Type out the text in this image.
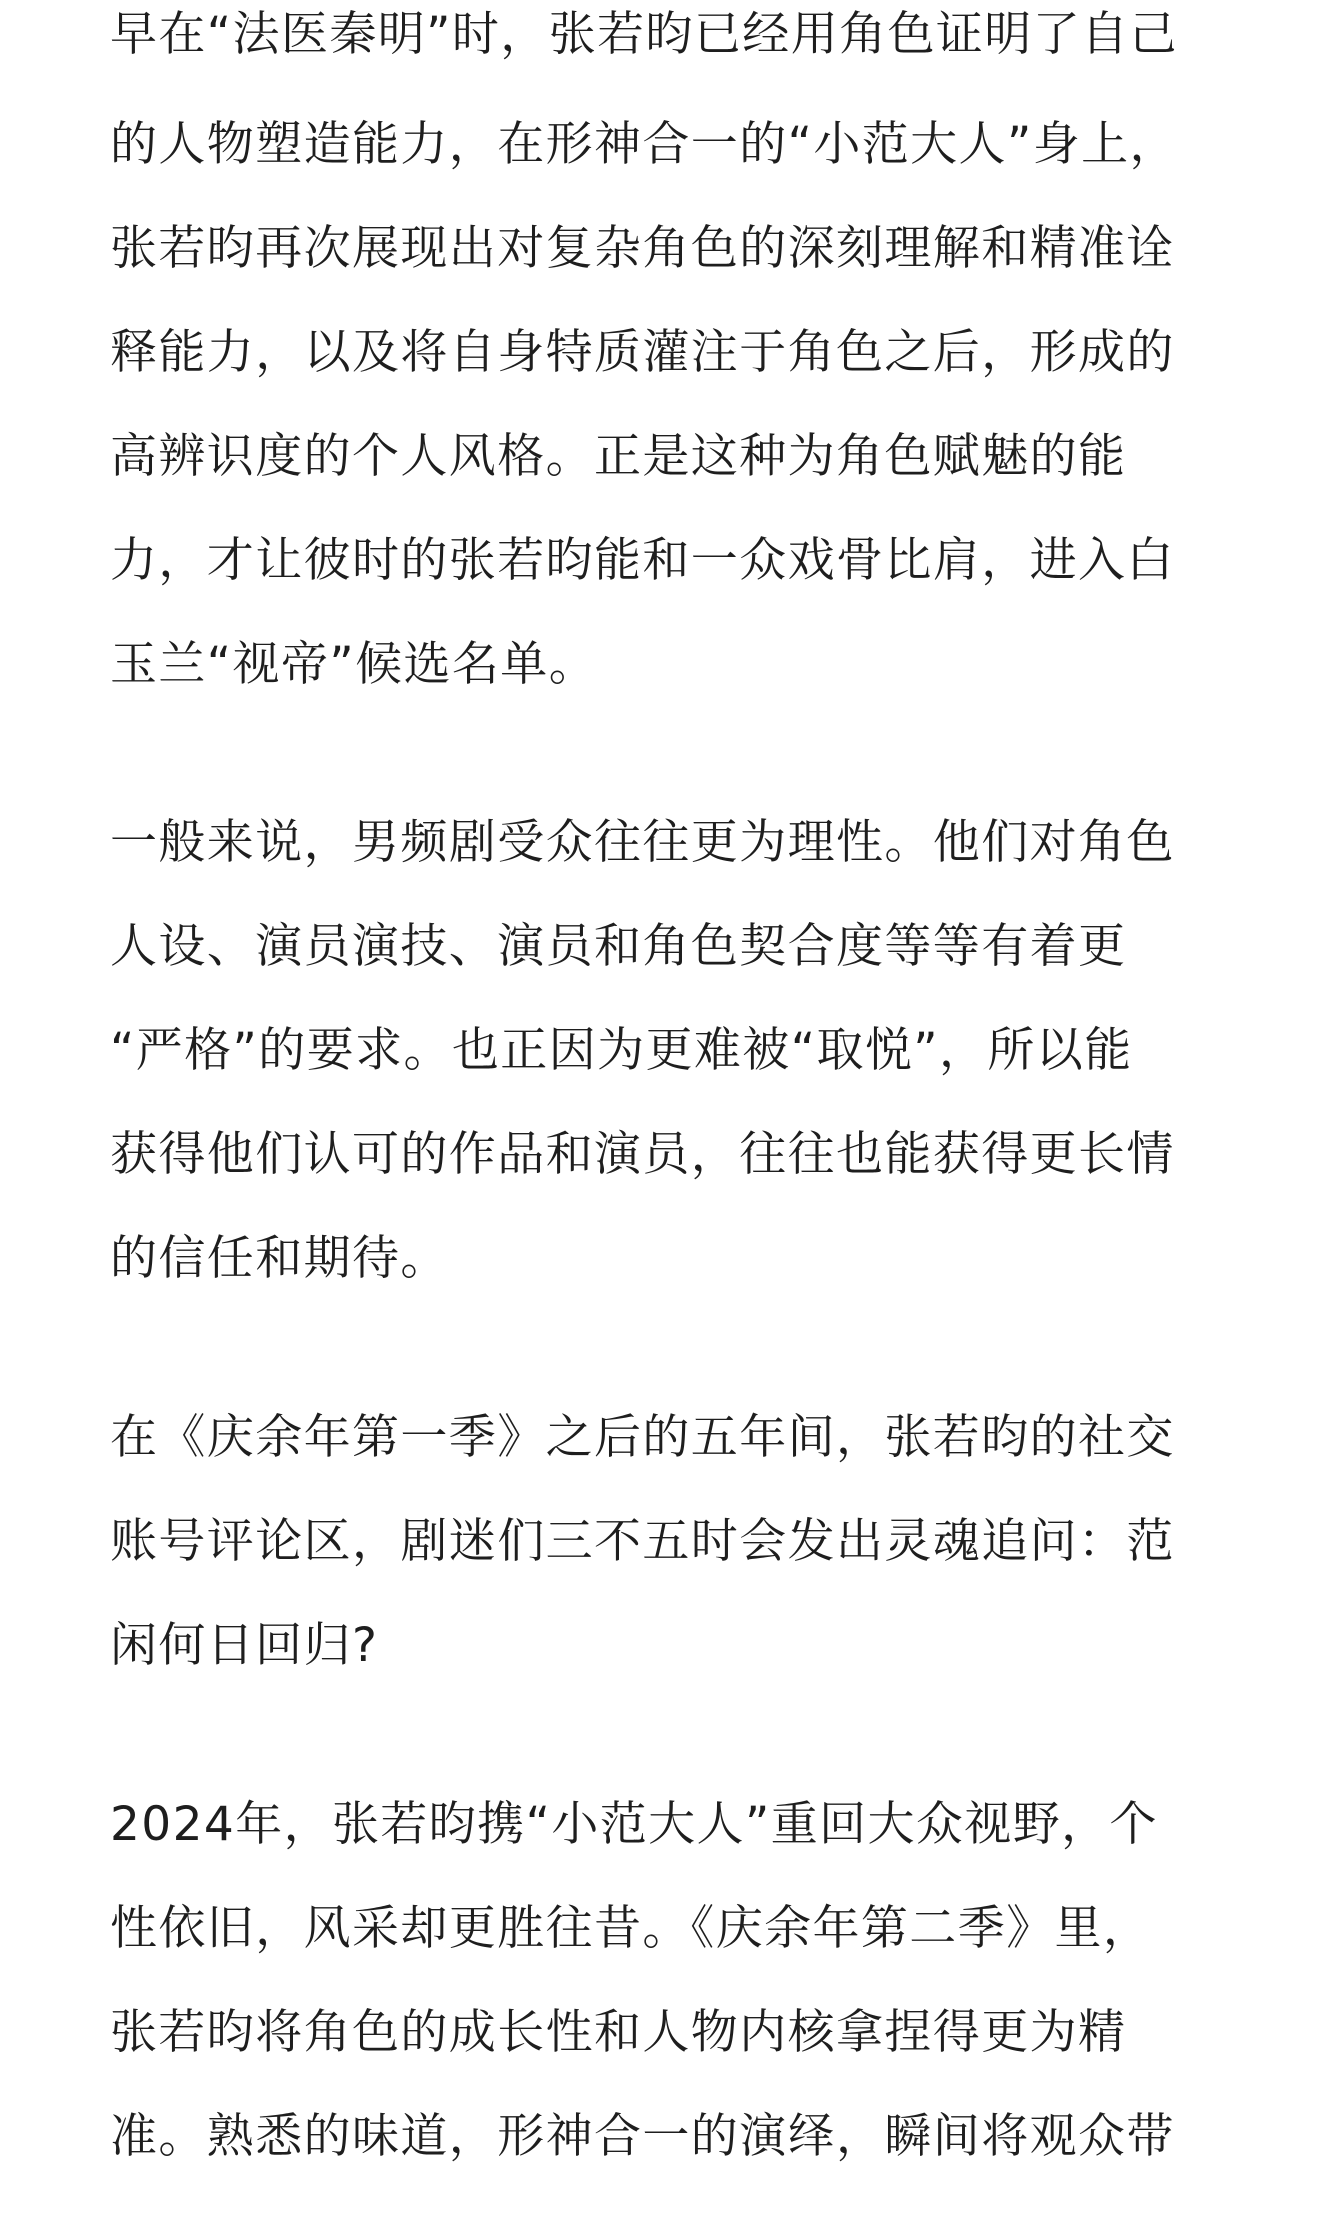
早在“法医秦明”时，张若昀已经用角色证明了自己
的人物塑造能力，在形神合一的“小范大人”身上，
张若昀再次展现出对复杂角色的深刻理解和精准诠
释能力，以及将自身特质灌注于角色之后，形成的
高辨识度的个人风格。正是这种为角色赋魅的能
力，才让彼时的张若昀能和一众戏骨比肩，进入白
玉兰“视帝”候选名单。
一般来说，男频剧受众往往更为理性。他们对角色
人设、演员演技、演员和角色契合度等等有着更
“严格”的要求。也正因为更难被“取悦”，所以能
获得他们认可的作品和演员，往往也能获得更长情
的信任和期待。
在《庆余年第一季》之后的五年间，张若昀的社交
账号评论区，剧迷们三不五时会发出灵魂追问：范
闲何日回归?
2024年，张若昀携“小范大人”重回大众视野，个
性依旧，风采却更胜往昔。《庆余年第二季》里，
张若昀将角色的成长性和人物内核拿捏得更为精
准。熟悉的味道，形神合一的演绎，瞬间将观众带
